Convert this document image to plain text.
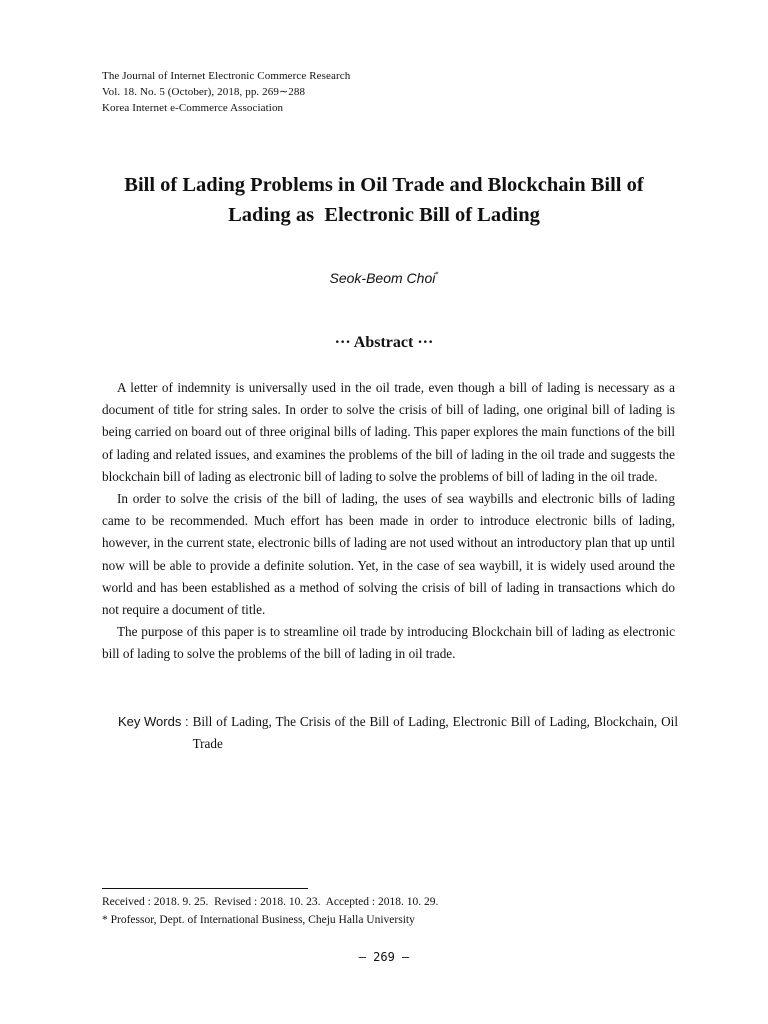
The Journal of Internet Electronic Commerce Research
Vol. 18. No. 5 (October), 2018, pp. 269∼288
Korea Internet e-Commerce Association
Bill of Lading Problems in Oil Trade and Blockchain Bill of
Lading as  Electronic Bill of Lading
Seok-Beom Choi*
··· Abstract ···

A letter of indemnity is universally used in the oil trade, even though a bill of lading is necessary as a document of title for string sales. In order to solve the crisis of bill of lading, one original bill of lading is being carried on board out of three original bills of lading. This paper explores the main functions of the bill of lading and related issues, and examines the problems of the bill of lading in the oil trade and suggests the blockchain bill of lading as electronic bill of lading to solve the problems of bill of lading in the oil trade.

In order to solve the crisis of the bill of lading, the uses of sea waybills and electronic bills of lading came to be recommended. Much effort has been made in order to introduce electronic bills of lading, however, in the current state, electronic bills of lading are not used without an introductory plan that up until now will be able to provide a definite solution. Yet, in the case of sea waybill, it is widely used around the world and has been established as a method of solving the crisis of bill of lading in transactions which do not require a document of title.

The purpose of this paper is to streamline oil trade by introducing Blockchain bill of lading as electronic bill of lading to solve the problems of the bill of lading in oil trade.

Key Words : Bill of Lading, The Crisis of the Bill of Lading, Electronic Bill of Lading, Blockchain, Oil Trade
Received : 2018. 9. 25.  Revised : 2018. 10. 23.  Accepted : 2018. 10. 29.
* Professor, Dept. of International Business, Cheju Halla University
– 269 –
